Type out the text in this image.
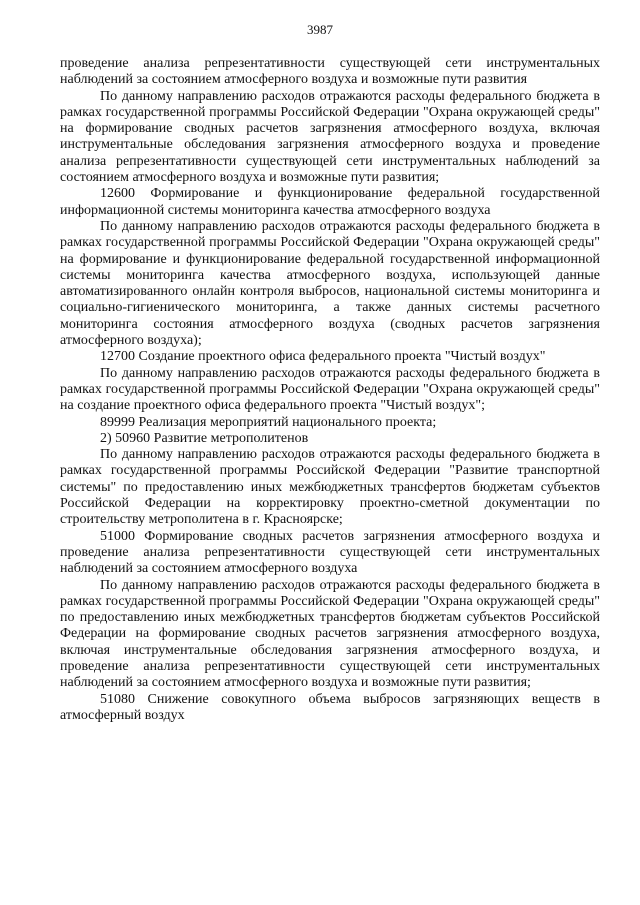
3987

проведение анализа репрезентативности существующей сети инструментальных наблюдений за состоянием атмосферного воздуха и возможные пути развития

По данному направлению расходов отражаются расходы федерального бюджета в рамках государственной программы Российской Федерации "Охрана окружающей среды" на формирование сводных расчетов загрязнения атмосферного воздуха, включая инструментальные обследования загрязнения атмосферного воздуха и проведение анализа репрезентативности существующей сети инструментальных наблюдений за состоянием атмосферного воздуха и возможные пути развития;

12600 Формирование и функционирование федеральной государственной информационной системы мониторинга качества атмосферного воздуха

По данному направлению расходов отражаются расходы федерального бюджета в рамках государственной программы Российской Федерации "Охрана окружающей среды" на формирование и функционирование федеральной государственной информационной системы мониторинга качества атмосферного воздуха, использующей данные автоматизированного онлайн контроля выбросов, национальной системы мониторинга и социально-гигиенического мониторинга, а также данных системы расчетного мониторинга состояния атмосферного воздуха (сводных расчетов загрязнения атмосферного воздуха);

12700 Создание проектного офиса федерального проекта "Чистый воздух"

По данному направлению расходов отражаются расходы федерального бюджета в рамках государственной программы Российской Федерации "Охрана окружающей среды" на создание проектного офиса федерального проекта "Чистый воздух";

89999 Реализация мероприятий национального проекта;

2) 50960 Развитие метрополитенов

По данному направлению расходов отражаются расходы федерального бюджета в рамках государственной программы Российской Федерации "Развитие транспортной системы" по предоставлению иных межбюджетных трансфертов бюджетам субъектов Российской Федерации на корректировку проектно-сметной документации по строительству метрополитена в г. Красноярске;

51000 Формирование сводных расчетов загрязнения атмосферного воздуха и проведение анализа репрезентативности существующей сети инструментальных наблюдений за состоянием атмосферного воздуха

По данному направлению расходов отражаются расходы федерального бюджета в рамках государственной программы Российской Федерации "Охрана окружающей среды" по предоставлению иных межбюджетных трансфертов бюджетам субъектов Российской Федерации на формирование сводных расчетов загрязнения атмосферного воздуха, включая инструментальные обследования загрязнения атмосферного воздуха, и проведение анализа репрезентативности существующей сети инструментальных наблюдений за состоянием атмосферного воздуха и возможные пути развития;

51080 Снижение совокупного объема выбросов загрязняющих веществ в атмосферный воздух
